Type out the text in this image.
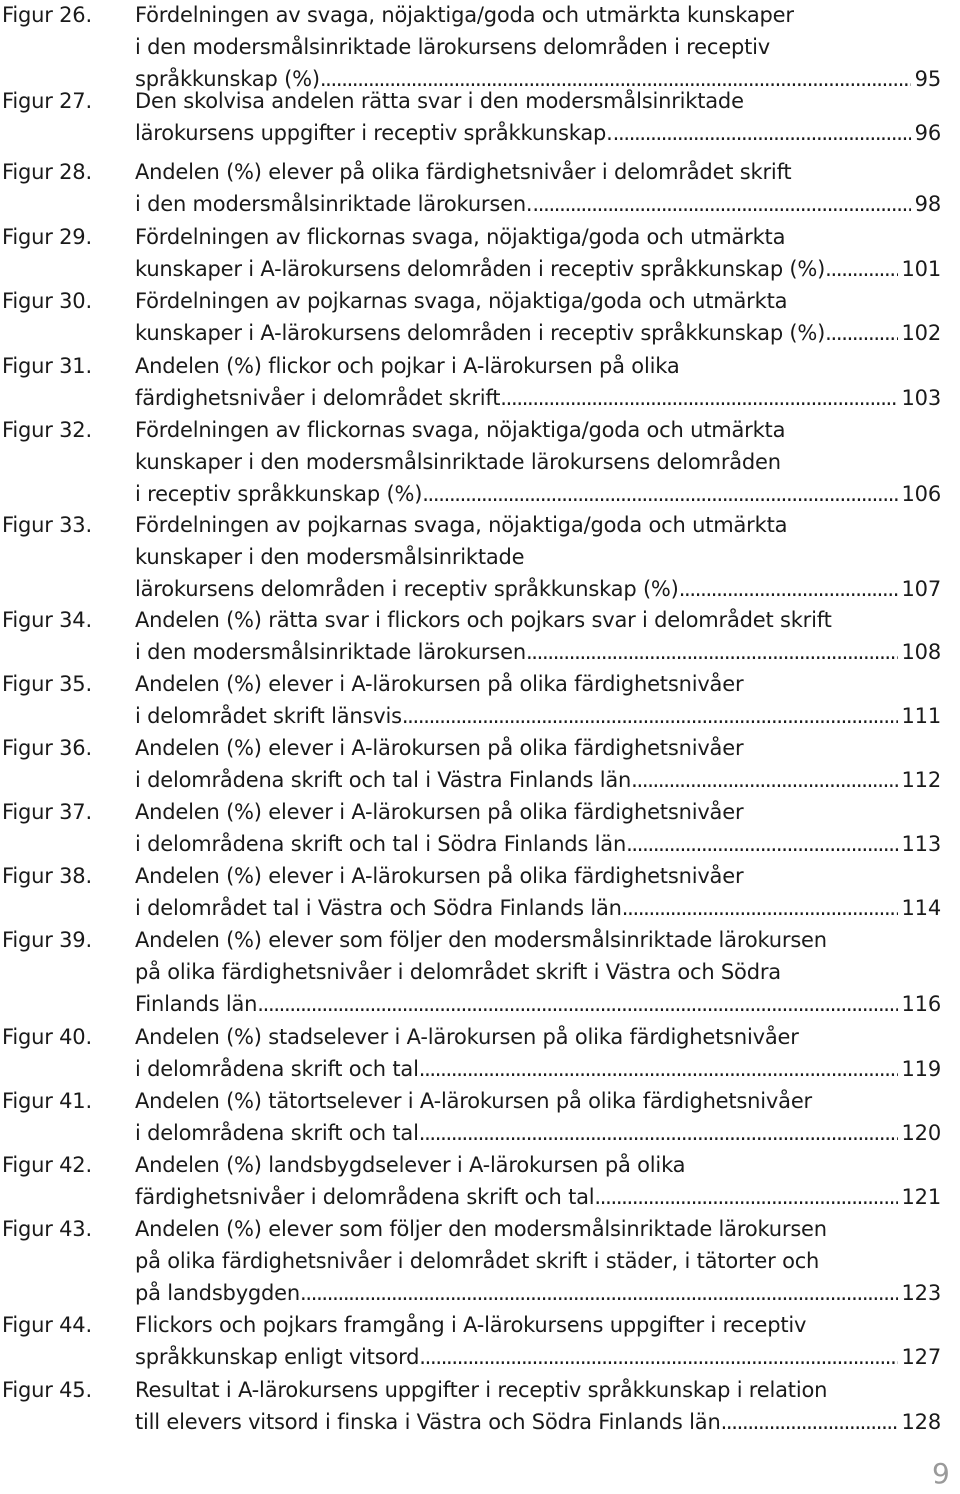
Figur 26. Fördelningen av svaga, nöjaktiga/goda och utmärkta kunskaper
i den modersmålsinriktade lärokursens delområden i receptiv
språkkunskap (%) . . .	95
Figur 27. Den skolvisa andelen rätta svar i den modersmålsinriktade
lärokursens uppgifter i receptiv språkkunskap. . . .	96
Figur 28. Andelen (%) elever på olika färdighetsnivåer i delområdet skrift
i den modersmålsinriktade lärokursen. . . .	98
Figur 29. Fördelningen av flickornas svaga, nöjaktiga/goda och utmärkta
kunskaper i A-lärokursens delområden i receptiv språkkunskap (%) . . .	101
Figur 30. Fördelningen av pojkarnas svaga, nöjaktiga/goda och utmärkta
kunskaper i A-lärokursens delområden i receptiv språkkunskap (%) . . .	102
Figur 31. Andelen (%) flickor och pojkar i A-lärokursen på olika
färdighetsnivåer i delområdet skrift . . .	103
Figur 32. Fördelningen av flickornas svaga, nöjaktiga/goda och utmärkta
kunskaper i den modersmålsinriktade lärokursens delområden
i receptiv språkkunskap (%) . . .	106
Figur 33. Fördelningen av pojkarnas svaga, nöjaktiga/goda och utmärkta
kunskaper i den modersmålsinriktade
lärokursens delområden i receptiv språkkunskap (%) . . .	107
Figur 34. Andelen (%) rätta svar i flickors och pojkars svar i delområdet skrift
i den modersmålsinriktade lärokursen . . .	108
Figur 35. Andelen (%) elever i A-lärokursen på olika färdighetsnivåer
i delområdet skrift länsvis . . .	111
Figur 36. Andelen (%) elever i A-lärokursen på olika färdighetsnivåer
i delområdena skrift och tal i Västra Finlands län . . .	112
Figur 37. Andelen (%) elever i A-lärokursen på olika färdighetsnivåer
i delområdena skrift och tal i Södra Finlands län . . .	113
Figur 38. Andelen (%) elever i A-lärokursen på olika färdighetsnivåer
i delområdet tal i Västra och Södra Finlands län . . .	114
Figur 39. Andelen (%) elever som följer den modersmålsinriktade lärokursen
på olika färdighetsnivåer i delområdet skrift i Västra och Södra
Finlands län . . .	116
Figur 40. Andelen (%) stadselever i A-lärokursen på olika färdighetsnivåer
i delområdena skrift och tal . . .	119
Figur 41. Andelen (%) tätortselever i A-lärokursen på olika färdighetsnivåer
i delområdena skrift och tal . . .	120
Figur 42. Andelen (%) landsbygdselever i A-lärokursen på olika
färdighetsnivåer i delområdena skrift och tal . . .	121
Figur 43. Andelen (%) elever som följer den modersmålsinriktade lärokursen
på olika färdighetsnivåer i delområdet skrift i städer, i tätorter och
på landsbygden . . .	123
Figur 44. Flickors och pojkars framgång i A-lärokursens uppgifter i receptiv
språkkunskap enligt vitsord . . .	127
Figur 45. Resultat i A-lärokursens uppgifter i receptiv språkkunskap i relation
till elevers vitsord i finska i Västra och Södra Finlands län . . .	128
9
